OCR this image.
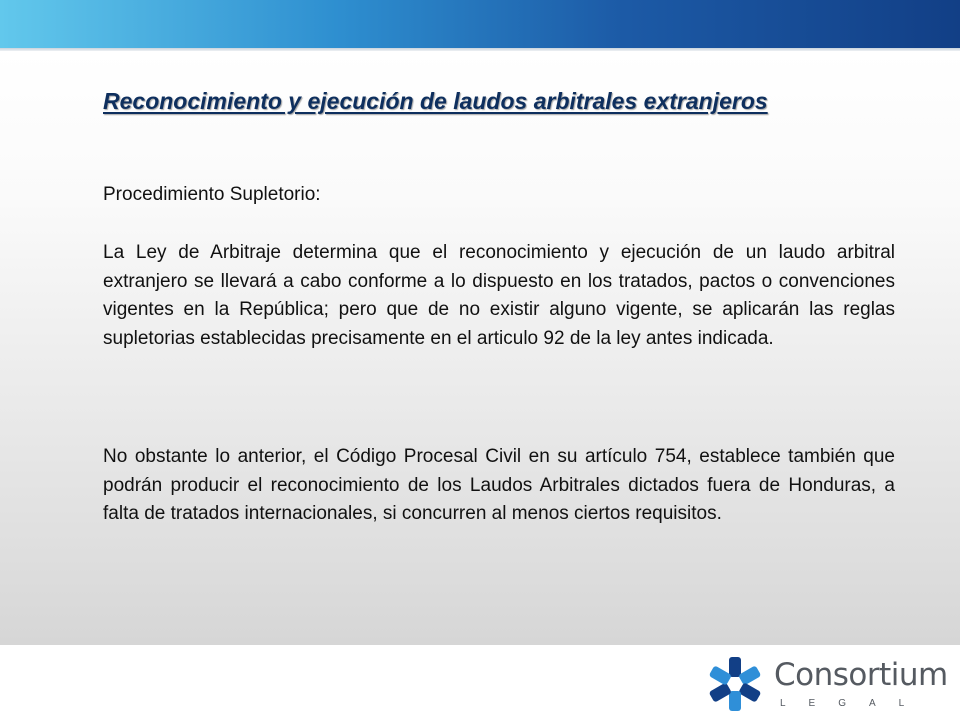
Reconocimiento y ejecución de laudos arbitrales extranjeros

Procedimiento Supletorio:

La Ley de Arbitraje determina que el reconocimiento y ejecución de un laudo arbitral extranjero se llevará a cabo conforme a lo dispuesto en los tratados, pactos o convenciones vigentes en la República; pero que de no existir alguno vigente, se aplicarán las reglas supletorias establecidas precisamente en el articulo 92 de la ley antes indicada.

No obstante lo anterior, el Código Procesal Civil en su artículo 754, establece también que podrán producir el reconocimiento de los Laudos Arbitrales dictados fuera de Honduras, a falta de tratados internacionales, si concurren al menos ciertos requisitos.

Consortium
LEGAL
